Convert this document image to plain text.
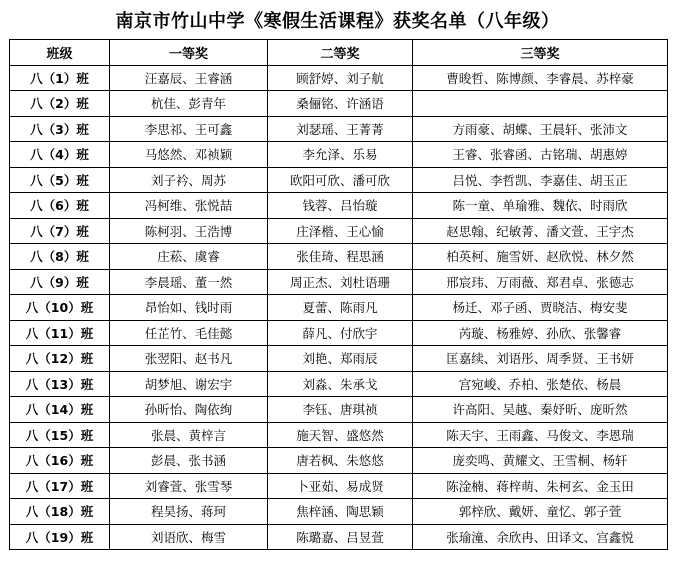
南京市竹山中学《寒假生活课程》获奖名单（八年级）
班级	一等奖	二等奖	三等奖
八（1）班	汪嘉辰、王睿涵	顾舒婷、刘子航	曹晙哲、陈博颜、李睿晨、苏梓豪
八（2）班	杭佳、彭青年	桑俪铭、许涵语	
八（3）班	李思祁、王可鑫	刘瑟瑶、王菁菁	方雨豪、胡蝶、王晨轩、张沛文
八（4）班	马悠然、邓祯颖	李允泽、乐易	王睿、张睿函、古铭瑞、胡惠婷
八（5）班	刘子衿、周苏	欧阳可欣、潘可欣	吕悦、李哲凯、李嘉佳、胡玉正
八（6）班	冯柯维、张悦喆	钱蓉、吕怡璇	陈一童、单瑜雅、魏依、时雨欣
八（7）班	陈柯羽、王浩博	庄泽楷、王心愉	赵思翰、纪敏菁、潘文萱、王宇杰
八（8）班	庄菘、虞睿	张佳琦、程思涵	柏英柯、施雪妍、赵欣悦、林夕然
八（9）班	李晨瑶、董一然	周正杰、刘杜语珊	邢宸玮、万雨薇、郑君卓、张德志
八（10）班	昂怡如、钱时雨	夏蕾、陈雨凡	杨迁、邓子函、贾晓洁、梅安斐
八（11）班	任芷竹、毛佳懿	薛凡、付欣宇	芮璇、杨雅婷、孙欣、张馨睿
八（12）班	张翌阳、赵书凡	刘艳、郑雨辰	匡嘉续、刘语彤、周季贤、王书妍
八（13）班	胡梦旭、谢宏宇	刘淼、朱承戈	宫宛峻、乔柏、张楚依、杨晨
八（14）班	孙昕怡、陶依绚	李钰、唐琪祯	许高阳、吴越、秦妤昕、庞昕然
八（15）班	张晨、黄梓言	施天智、盛悠然	陈天宇、王雨鑫、马俊文、李恩瑞
八（16）班	彭晨、张书涵	唐若枫、朱悠悠	庞奕鸣、黄耀文、王雪桐、杨轩
八（17）班	刘睿萱、张雪琴	卜亚茹、易成贤	陈淦楠、蒋梓萌、朱柯玄、金玉田
八（18）班	程昊扬、蒋珂	焦梓涵、陶思颖	郭梓欣、戴妍、童忆、郭子萱
八（19）班	刘语欣、梅雪	陈璐嘉、吕昱萱	张瑜潼、余欣冉、田译文、宫鑫悦
